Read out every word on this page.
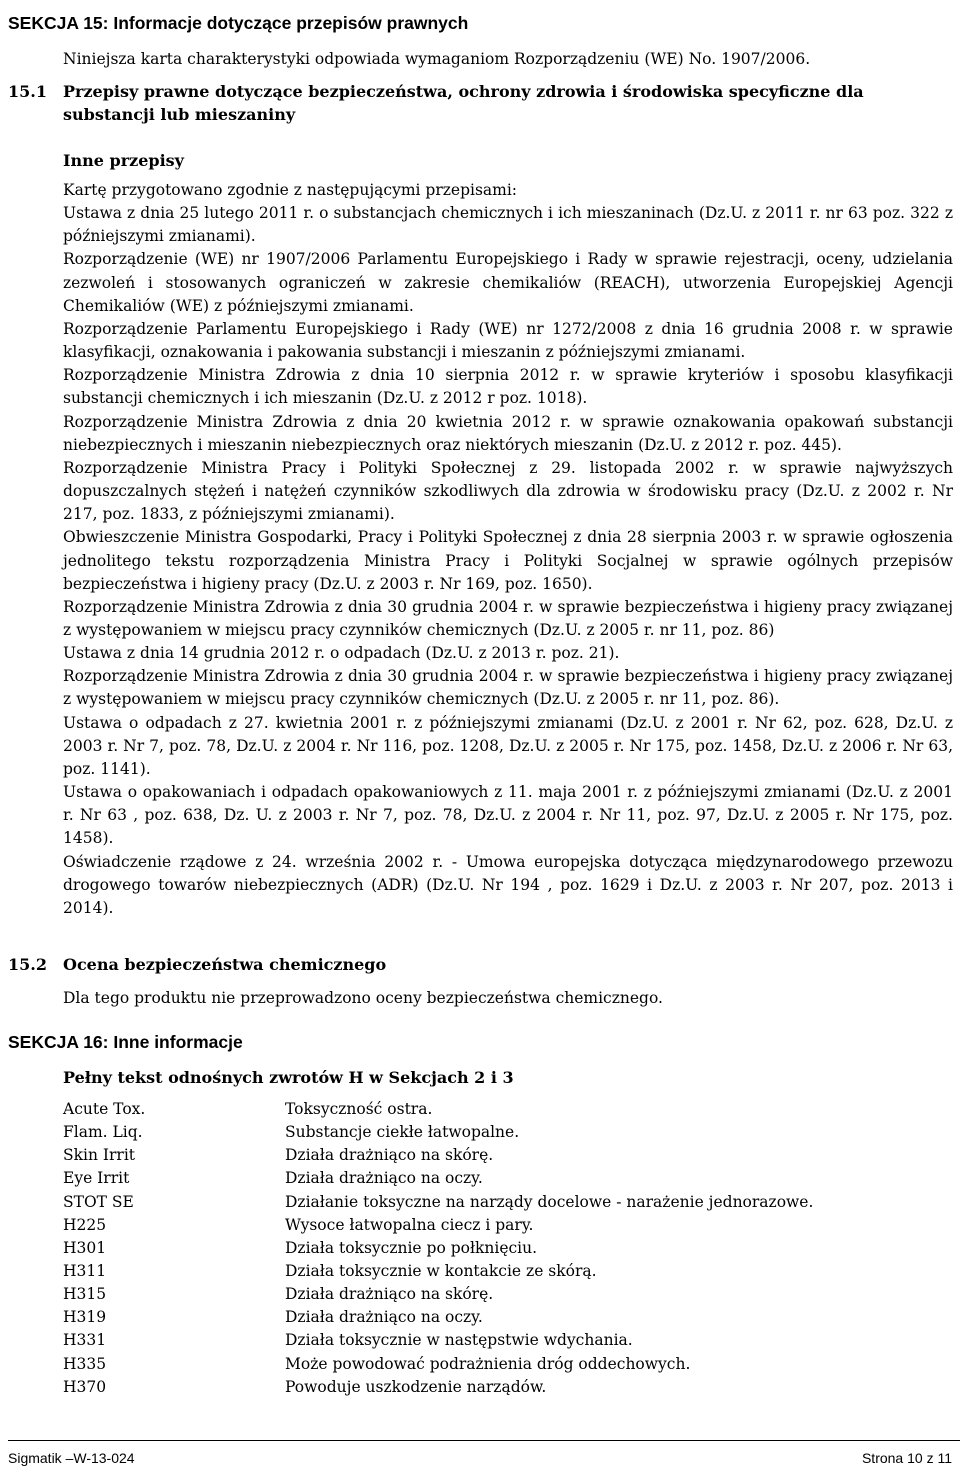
SEKCJA 15: Informacje dotyczące przepisów prawnych
Niniejsza karta charakterystyki odpowiada wymaganiom Rozporządzeniu (WE) No. 1907/2006.
15.1 Przepisy prawne dotyczące bezpieczeństwa, ochrony zdrowia i środowiska specyficzne dla substancji lub mieszaniny
Inne przepisy

Kartę przygotowano zgodnie z następującymi przepisami:

Ustawa z dnia 25 lutego 2011 r. o substancjach chemicznych i ich mieszaninach (Dz.U. z 2011 r. nr 63 poz. 322 z późniejszymi zmianami).

Rozporządzenie (WE) nr 1907/2006 Parlamentu Europejskiego i Rady w sprawie rejestracji, oceny, udzielania zezwoleń i stosowanych ograniczeń w zakresie chemikaliów (REACH), utworzenia Europejskiej Agencji Chemikaliów (WE) z późniejszymi zmianami.

Rozporządzenie Parlamentu Europejskiego i Rady (WE) nr 1272/2008 z dnia 16 grudnia 2008 r. w sprawie klasyfikacji, oznakowania i pakowania substancji i mieszanin z późniejszymi zmianami.

Rozporządzenie Ministra Zdrowia z dnia 10 sierpnia 2012 r. w sprawie kryteriów i sposobu klasyfikacji substancji chemicznych i ich mieszanin (Dz.U. z 2012 r poz. 1018).

Rozporządzenie Ministra Zdrowia z dnia 20 kwietnia 2012 r. w sprawie oznakowania opakowań substancji niebezpiecznych i mieszanin niebezpiecznych oraz niektórych mieszanin (Dz.U. z 2012 r. poz. 445).

Rozporządzenie Ministra Pracy i Polityki Społecznej z 29. listopada 2002 r. w sprawie najwyższych dopuszczalnych stężeń i natężeń czynników szkodliwych dla zdrowia w środowisku pracy (Dz.U. z 2002 r. Nr 217, poz. 1833, z późniejszymi zmianami).

Obwieszczenie Ministra Gospodarki, Pracy i Polityki Społecznej z dnia 28 sierpnia 2003 r. w sprawie ogłoszenia jednolitego tekstu rozporządzenia Ministra Pracy i Polityki Socjalnej w sprawie ogólnych przepisów bezpieczeństwa i higieny pracy (Dz.U. z 2003 r. Nr 169, poz. 1650).

Rozporządzenie Ministra Zdrowia z dnia 30 grudnia 2004 r. w sprawie bezpieczeństwa i higieny pracy związanej z występowaniem w miejscu pracy czynników chemicznych (Dz.U. z 2005 r. nr 11, poz. 86)

Ustawa z dnia 14 grudnia 2012 r. o odpadach (Dz.U. z 2013 r. poz. 21).

Rozporządzenie Ministra Zdrowia z dnia 30 grudnia 2004 r. w sprawie bezpieczeństwa i higieny pracy związanej z występowaniem w miejscu pracy czynników chemicznych (Dz.U. z 2005 r. nr 11, poz. 86).

Ustawa o odpadach z 27. kwietnia 2001 r. z późniejszymi zmianami (Dz.U. z 2001 r. Nr 62, poz. 628, Dz.U. z 2003 r. Nr 7, poz. 78, Dz.U. z 2004 r. Nr 116, poz. 1208, Dz.U. z 2005 r. Nr 175, poz. 1458, Dz.U. z 2006 r. Nr 63, poz. 1141).

Ustawa o opakowaniach i odpadach opakowaniowych z 11. maja 2001 r. z późniejszymi zmianami (Dz.U. z 2001 r. Nr 63 , poz. 638, Dz. U. z 2003 r. Nr 7, poz. 78, Dz.U. z 2004 r. Nr 11, poz. 97, Dz.U. z 2005 r. Nr 175, poz. 1458).

Oświadczenie rządowe z 24. września 2002 r. - Umowa europejska dotycząca międzynarodowego przewozu drogowego towarów niebezpiecznych (ADR) (Dz.U. Nr 194 , poz. 1629 i Dz.U. z 2003 r. Nr 207, poz. 2013 i 2014).

15.2 Ocena bezpieczeństwa chemicznego
Dla tego produktu nie przeprowadzono oceny bezpieczeństwa chemicznego.
SEKCJA 16: Inne informacje
Pełny tekst odnośnych zwrotów H w Sekcjach 2 i 3
Acute Tox.	Toksyczność ostra.
Flam. Liq.	Substancje ciekłe łatwopalne.
Skin Irrit	Działa drażniąco na skórę.
Eye Irrit	Działa drażniąco na oczy.
STOT SE	Działanie toksyczne na narządy docelowe - narażenie jednorazowe.
H225	Wysoce łatwopalna ciecz i pary.
H301	Działa toksycznie po połknięciu.
H311	Działa toksycznie w kontakcie ze skórą.
H315	Działa drażniąco na skórę.
H319	Działa drażniąco na oczy.
H331	Działa toksycznie w następstwie wdychania.
H335	Może powodować podrażnienia dróg oddechowych.
H370	Powoduje uszkodzenie narządów.
Sigmatik –W-13-024	Strona 10 z 11
